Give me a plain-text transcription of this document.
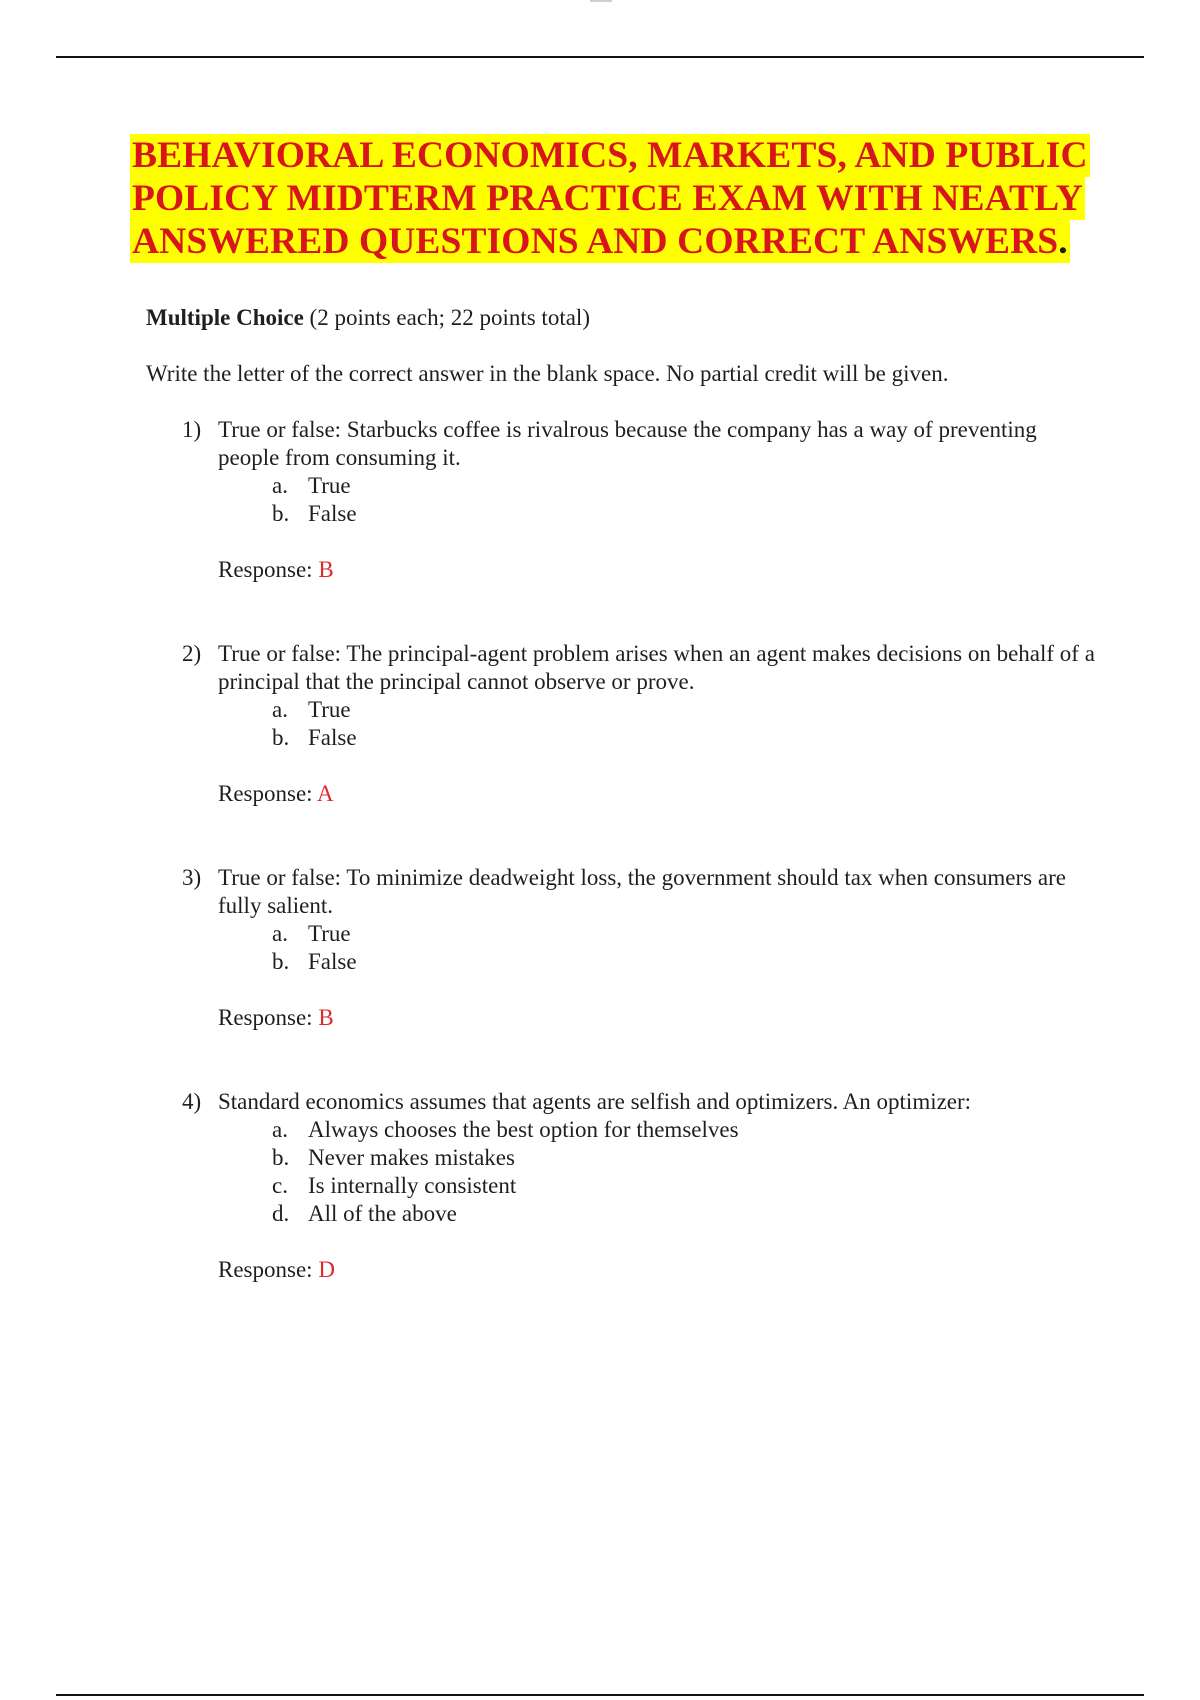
BEHAVIORAL ECONOMICS, MARKETS, AND PUBLIC
POLICY MIDTERM PRACTICE EXAM WITH NEATLY
ANSWERED QUESTIONS AND CORRECT ANSWERS.

Multiple Choice (2 points each; 22 points total)

Write the letter of the correct answer in the blank space. No partial credit will be given.

1) True or false: Starbucks coffee is rivalrous because the company has a way of preventing people from consuming it.
a. True
b. False
Response: B
2) True or false: The principal-agent problem arises when an agent makes decisions on behalf of a principal that the principal cannot observe or prove.
a. True
b. False
Response: A
3) True or false: To minimize deadweight loss, the government should tax when consumers are fully salient.
a. True
b. False
Response: B
4) Standard economics assumes that agents are selfish and optimizers. An optimizer:
a. Always chooses the best option for themselves
b. Never makes mistakes
c. Is internally consistent
d. All of the above
Response: D
